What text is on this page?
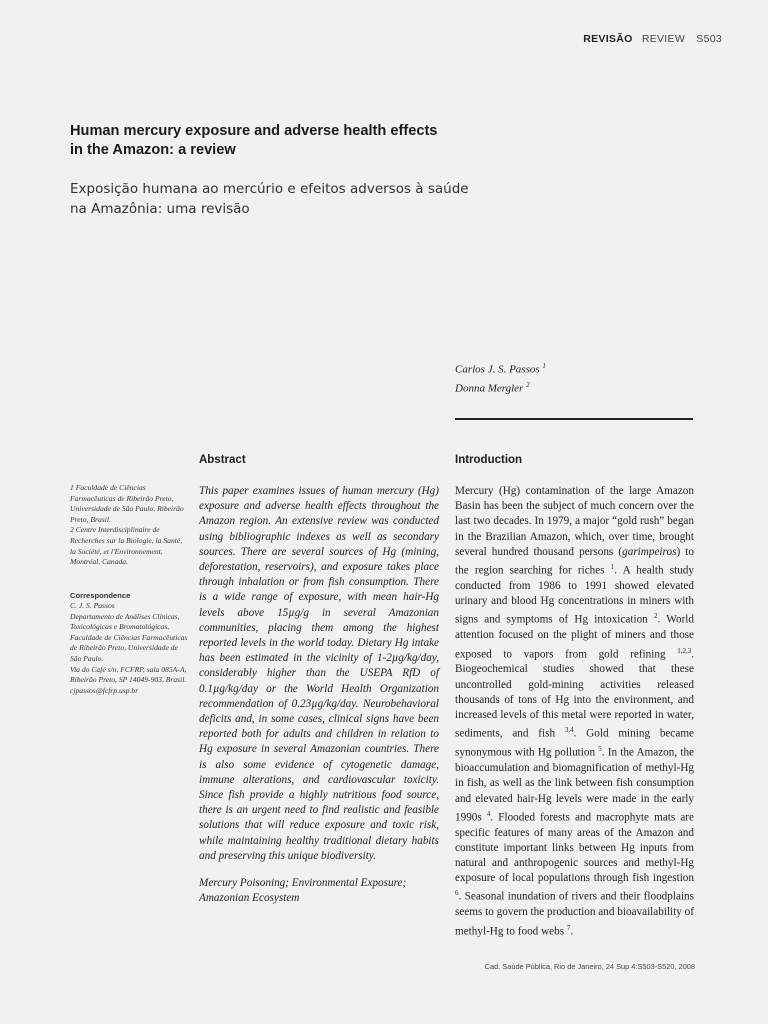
REVISÃO REVIEW S503
Human mercury exposure and adverse health effects in the Amazon: a review
Exposição humana ao mercúrio e efeitos adversos à saúde na Amazônia: uma revisão
Carlos J. S. Passos $^1$
Donna Mergler $^2$
Abstract	Introduction

1 Faculdade de Ciências Farmacêuticas de Ribeirão Preto, Universidade de São Paulo, Ribeirão Preto, Brasil.

2 Centre Interdisciplinaire de Recherches sur la Biologie, la Santé, la Société, et l'Environnement, Montréal, Canada.

Correspondence

C. J. S. Passos

Departamento de Análises Clínicas, Toxicológicas e Bromatológicas, Faculdade de Ciências Farmacêuticas de Ribeirão Preto, Universidade de São Paulo.

Via do Café s/n, FCFRP, sala 085A-A, Ribeirão Preto, SP 14049-903, Brasil.

cjpassos@fcfrp.usp.br

This paper examines issues of human mercury (Hg) exposure and adverse health effects throughout the Amazon region. An extensive review was conducted using bibliographic indexes as well as secondary sources. There are several sources of Hg (mining, deforestation, reservoirs), and exposure takes place through inhalation or from fish consumption. There is a wide range of exposure, with mean hair-Hg levels above 15µg/g in several Amazonian communities, placing them among the highest reported levels in the world today. Dietary Hg intake has been estimated in the vicinity of 1-2µg/kg/day, considerably higher than the USEPA RfD of 0.1µg/kg/day or the World Health Organization recommendation of 0.23µg/kg/day. Neurobehavioral deficits and, in some cases, clinical signs have been reported both for adults and children in relation to Hg exposure in several Amazonian countries. There is also some evidence of cytogenetic damage, immune alterations, and cardiovascular toxicity. Since fish provide a highly nutritious food source, there is an urgent need to find realistic and feasible solutions that will reduce exposure and toxic risk, while maintaining healthy traditional dietary habits and preserving this unique biodiversity.
Mercury Poisoning; Environmental Exposure; Amazonian Ecosystem
Mercury (Hg) contamination of the large Amazon Basin has been the subject of much concern over the last two decades. In 1979, a major “gold rush” began in the Brazilian Amazon, which, over time, brought several hundred thousand persons (garimpeiros) to the region searching for riches $^1$. A health study conducted from 1986 to 1991 showed elevated urinary and blood Hg concentrations in miners with signs and symptoms of Hg intoxication $^2$. World attention focused on the plight of miners and those exposed to vapors from gold refining $^{1,2,3}$. Biogeochemical studies showed that these uncontrolled gold-mining activities released thousands of tons of Hg into the environment, and increased levels of this metal were reported in water, sediments, and fish $^{3,4}$. Gold mining became synonymous with Hg pollution $^5$. In the Amazon, the bioaccumulation and biomagnification of methyl-Hg in fish, as well as the link between fish consumption and elevated hair-Hg levels were made in the early 1990s $^4$. Flooded forests and macrophyte mats are specific features of many areas of the Amazon and constitute important links between Hg inputs from natural and anthropogenic sources and methyl-Hg exposure of local populations through fish ingestion $^6$. Seasonal inundation of rivers and their floodplains seems to govern the production and bioavailability of methyl-Hg to food webs $^7$.
Cad. Saúde Pública, Rio de Janeiro, 24 Sup 4:S503-S520, 2008
